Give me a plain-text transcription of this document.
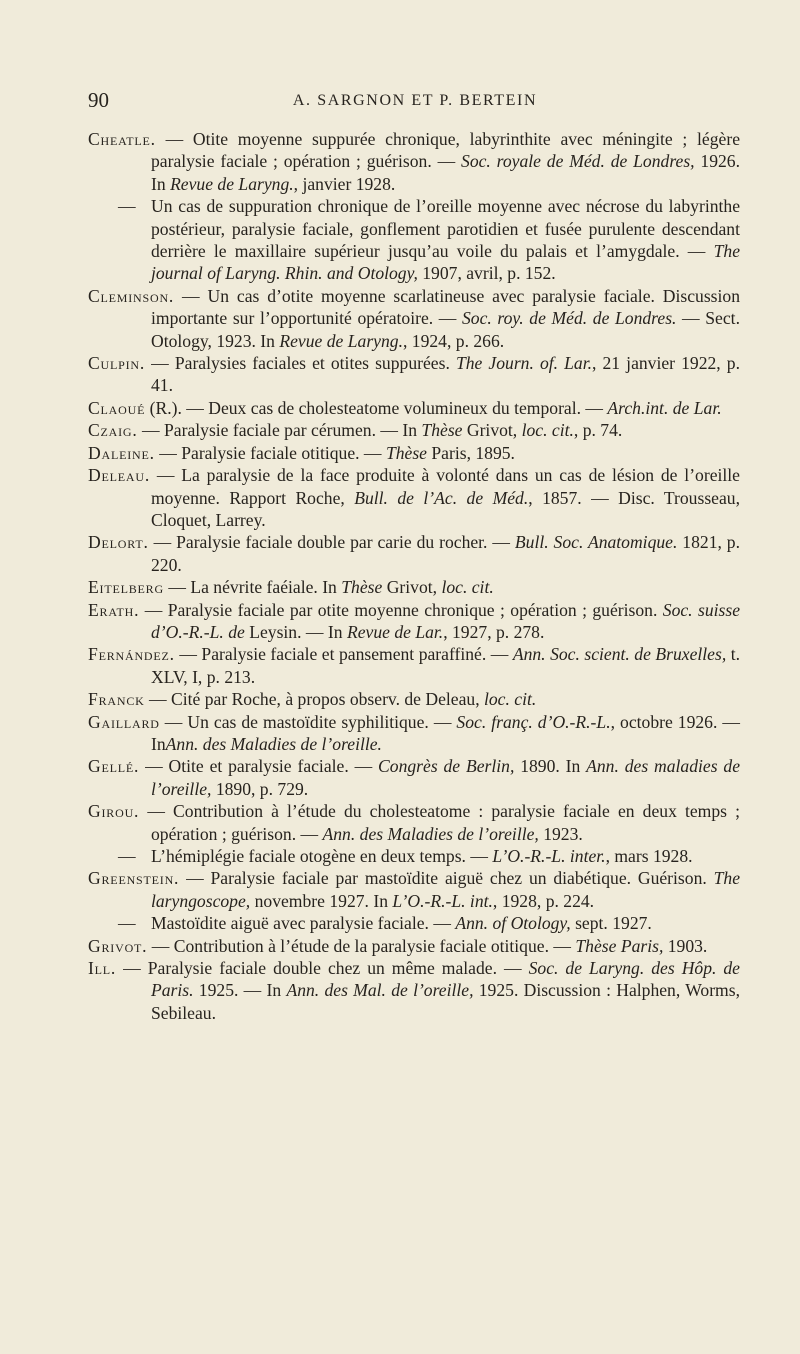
90	A. SARGNON ET P. BERTEIN

Cheatle. — Otite moyenne suppurée chronique, labyrinthite avec méningite ; légère paralysie faciale ; opération ; guérison. — Soc. royale de Méd. de Londres, 1926. In Revue de Laryng., janvier 1928.

— Un cas de suppuration chronique de l’oreille moyenne avec nécrose du labyrinthe postérieur, paralysie faciale, gonflement parotidien et fusée purulente descendant derrière le maxillaire supérieur jusqu’au voile du palais et l’amygdale. — The journal of Laryng. Rhin. and Otology, 1907, avril, p. 152.

Cleminson. — Un cas d’otite moyenne scarlatineuse avec paralysie faciale. Discussion importante sur l’opportunité opératoire. — Soc. roy. de Méd. de Londres. — Sect. Otology, 1923. In Revue de Laryng., 1924, p. 266.

Culpin. — Paralysies faciales et otites suppurées. The Journ. of. Lar., 21 janvier 1922, p. 41.

Claoué (R.). — Deux cas de cholesteatome volumineux du temporal. — Arch.int. de Lar.

Czaig. — Paralysie faciale par cérumen. — In Thèse Grivot, loc. cit., p. 74.

Daleine. — Paralysie faciale otitique. — Thèse Paris, 1895.

Deleau. — La paralysie de la face produite à volonté dans un cas de lésion de l’oreille moyenne. Rapport Roche, Bull. de l’Ac. de Méd., 1857. — Disc. Trousseau, Cloquet, Larrey.

Delort. — Paralysie faciale double par carie du rocher. — Bull. Soc. Anatomique. 1821, p. 220.

Eitelberg — La névrite faéiale. In Thèse Grivot, loc. cit.

Erath. — Paralysie faciale par otite moyenne chronique ; opération ; guérison. Soc. suisse d’O.-R.-L. de Leysin. — In Revue de Lar., 1927, p. 278.

Fernández. — Paralysie faciale et pansement paraffiné. — Ann. Soc. scient. de Bruxelles, t. XLV, I, p. 213.

Franck — Cité par Roche, à propos observ. de Deleau, loc. cit.

Gaillard — Un cas de mastoïdite syphilitique. — Soc. franç. d’O.-R.-L., octobre 1926. — InAnn. des Maladies de l’oreille.

Gellé. — Otite et paralysie faciale. — Congrès de Berlin, 1890. In Ann. des maladies de l’oreille, 1890, p. 729.

Girou. — Contribution à l’étude du cholesteatome : paralysie faciale en deux temps ; opération ; guérison. — Ann. des Maladies de l’oreille, 1923.

— L’hémiplégie faciale otogène en deux temps. — L’O.-R.-L. inter., mars 1928.

Greenstein. — Paralysie faciale par mastoïdite aiguë chez un diabétique. Guérison. The laryngoscope, novembre 1927. In L’O.-R.-L. int., 1928, p. 224.

— Mastoïdite aiguë avec paralysie faciale. — Ann. of Otology, sept. 1927.

Grivot. — Contribution à l’étude de la paralysie faciale otitique. — Thèse Paris, 1903.

Ill. — Paralysie faciale double chez un même malade. — Soc. de Laryng. des Hôp. de Paris. 1925. — In Ann. des Mal. de l’oreille, 1925. Discussion : Halphen, Worms, Sebileau.
